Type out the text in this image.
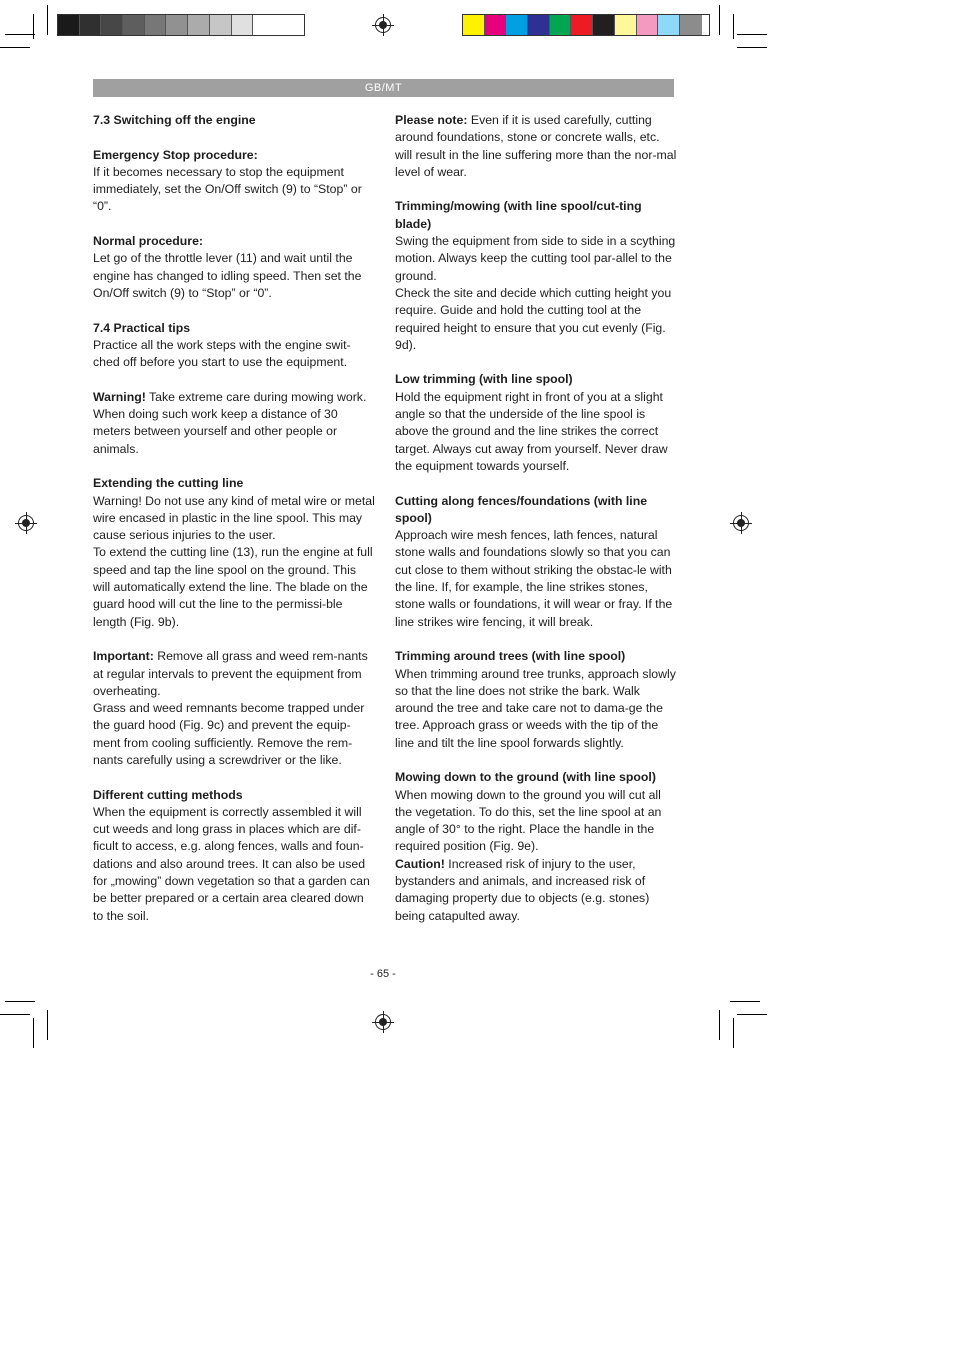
GB/MT
7.3 Switching off the engine
Emergency Stop procedure:

If it becomes necessary to stop the equipment immediately, set the On/Off switch (9) to “Stop” or “0”.

Normal procedure:

Let go of the throttle lever (11) and wait until the engine has changed to idling speed. Then set the On/Off switch (9) to “Stop” or “0”.

7.4 Practical tips

Practice all the work steps with the engine swit-ched off before you start to use the equipment.

Warning! Take extreme care during mowing work. When doing such work keep a distance of 30 meters between yourself and other people or animals.

Extending the cutting line
Warning! Do not use any kind of metal wire or metal wire encased in plastic in the line spool. This may cause serious injuries to the user.

To extend the cutting line (13), run the engine at full speed and tap the line spool on the ground. This will automatically extend the line. The blade on the guard hood will cut the line to the permissi-ble length (Fig. 9b).

Important: Remove all grass and weed rem-nants at regular intervals to prevent the equipment from overheating.

Grass and weed remnants become trapped under the guard hood (Fig. 9c) and prevent the equip-ment from cooling sufficiently. Remove the rem-nants carefully using a screwdriver or the like.

Different cutting methods

When the equipment is correctly assembled it will cut weeds and long grass in places which are dif-ficult to access, e.g. along fences, walls and foun-dations and also around trees. It can also be used for „mowing” down vegetation so that a garden can be better prepared or a certain area cleared down to the soil.

Please note: Even if it is used carefully, cutting around foundations, stone or concrete walls, etc. will result in the line suffering more than the nor-mal level of wear.

Trimming/mowing (with line spool/cut-ting blade)
Swing the equipment from side to side in a scything motion. Always keep the cutting tool par-allel to the ground.

Check the site and decide which cutting height you require. Guide and hold the cutting tool at the required height to ensure that you cut evenly (Fig. 9d).

Low trimming (with line spool)

Hold the equipment right in front of you at a slight angle so that the underside of the line spool is above the ground and the line strikes the correct target. Always cut away from yourself. Never draw the equipment towards yourself.

Cutting along fences/foundations (with line spool)

Approach wire mesh fences, lath fences, natural stone walls and foundations slowly so that you can cut close to them without striking the obstac-le with the line. If, for example, the line strikes stones, stone walls or foundations, it will wear or fray. If the line strikes wire fencing, it will break.

Trimming around trees (with line spool)

When trimming around tree trunks, approach slowly so that the line does not strike the bark. Walk around the tree and take care not to dama-ge the tree. Approach grass or weeds with the tip of the line and tilt the line spool forwards slightly.

Mowing down to the ground (with line spool)
When mowing down to the ground you will cut all the vegetation. To do this, set the line spool at an angle of 30° to the right. Place the handle in the required position (Fig. 9e).

Caution! Increased risk of injury to the user, bystanders and animals, and increased risk of damaging property due to objects (e.g. stones) being catapulted away.

- 65 -
